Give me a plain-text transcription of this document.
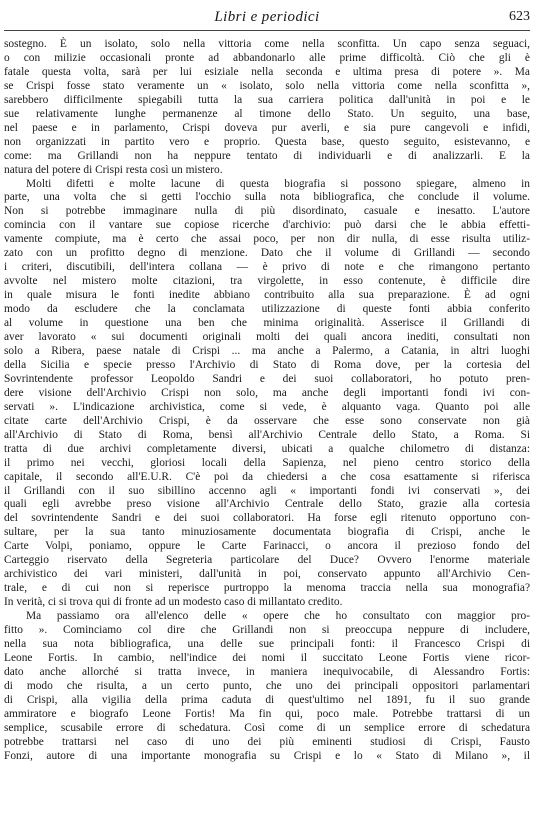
Libri e periodici	623
sostegno. È un isolato, solo nella vittoria come nella sconfitta. Un capo senza seguaci,
o con milizie occasionali pronte ad abbandonarlo alle prime difficoltà. Ciò che gli è
fatale questa volta, sarà per lui esiziale nella seconda e ultima presa di potere ». Ma
se Crispi fosse stato veramente un « isolato, solo nella vittoria come nella sconfitta »,
sarebbero difficilmente spiegabili tutta la sua carriera politica dall'unità in poi e le
sue relativamente lunghe permanenze al timone dello Stato. Un seguito, una base,
nel paese e in parlamento, Crispi doveva pur averli, e sia pure cangevoli e infidi,
non organizzati in partito vero e proprio. Questa base, questo seguito, esistevanno, e
come: ma Grillandi non ha neppure tentato di individuarli e di analizzarli. E la
natura del potere di Crispi resta così un mistero.
Molti difetti e molte lacune di questa biografia si possono spiegare, almeno in
parte, una volta che si getti l'occhio sulla nota bibliografica, che conclude il volume.
Non si potrebbe immaginare nulla di più disordinato, casuale e inesatto. L'autore
comincia con il vantare sue copiose ricerche d'archivio: può darsi che le abbia effetti-
vamente compiute, ma è certo che assai poco, per non dir nulla, di esse risulta utiliz-
zato con un profitto degno di menzione. Dato che il volume di Grillandi — secondo
i criteri, discutibili, dell'intera collana — è privo di note e che rimangono pertanto
avvolte nel mistero molte citazioni, tra virgolette, in esso contenute, è difficile dire
in quale misura le fonti inedite abbiano contribuito alla sua preparazione. È ad ogni
modo da escludere che la conclamata utilizzazione di queste fonti abbia conferito
al volume in questione una ben che minima originalità. Asserisce il Grillandi di
aver lavorato « sui documenti originali molti dei quali ancora inediti, consultati non
solo a Ribera, paese natale di Crispi ... ma anche a Palermo, a Catania, in altri luoghi
della Sicilia e specie presso l'Archivio di Stato di Roma dove, per la cortesia del
Sovrintendente professor Leopoldo Sandri e dei suoi collaboratori, ho potuto pren-
dere visione dell'Archivio Crispi non solo, ma anche degli importanti fondi ivi con-
servati ». L'indicazione archivistica, come si vede, è alquanto vaga. Quanto poi alle
citate carte dell'Archivio Crispi, è da osservare che esse sono conservate non già
all'Archivio di Stato di Roma, bensì all'Archivio Centrale dello Stato, a Roma. Si
tratta di due archivi completamente diversi, ubicati a qualche chilometro di distanza:
il primo nei vecchi, gloriosi locali della Sapienza, nel pieno centro storico della
capitale, il secondo all'E.U.R. C'è poi da chiedersi a che cosa esattamente si riferisca
il Grillandi con il suo sibillino accenno agli « importanti fondi ivi conservati », dei
quali egli avrebbe preso visione all'Archivio Centrale dello Stato, grazie alla cortesia
del sovrintendente Sandri e dei suoi collaboratori. Ha forse egli ritenuto opportuno con-
sultare, per la sua tanto minuziosamente documentata biografia di Crispi, anche le
Carte Volpi, poniamo, oppure le Carte Farinacci, o ancora il prezioso fondo del
Carteggio riservato della Segreteria particolare del Duce? Ovvero l'enorme materiale
archivistico dei vari ministeri, dall'unità in poi, conservato appunto all'Archivio Cen-
trale, e di cui non si reperisce purtroppo la menoma traccia nella sua monografia?
In verità, ci si trova qui di fronte ad un modesto caso di millantato credito.
Ma passiamo ora all'elenco delle « opere che ho consultato con maggior pro-
fitto ». Cominciamo col dire che Grillandi non si preoccupa neppure di includere,
nella sua nota bibliografica, una delle sue principali fonti: il Francesco Crispi di
Leone Fortis. In cambio, nell'indice dei nomi il succitato Leone Fortis viene ricor-
dato anche allorché si tratta invece, in maniera inequivocabile, di Alessandro Fortis:
di modo che risulta, a un certo punto, che uno dei principali oppositori parlamentari
di Crispi, alla vigilia della prima caduta di quest'ultimo nel 1891, fu il suo grande
ammiratore e biografo Leone Fortis! Ma fin qui, poco male. Potrebbe trattarsi di un
semplice, scusabile errore di schedatura. Così come di un semplice errore di schedatura
potrebbe trattarsi nel caso di uno dei più eminenti studiosi di Crispi, Fausto
Fonzi, autore di una importante monografia su Crispi e lo « Stato di Milano », il
